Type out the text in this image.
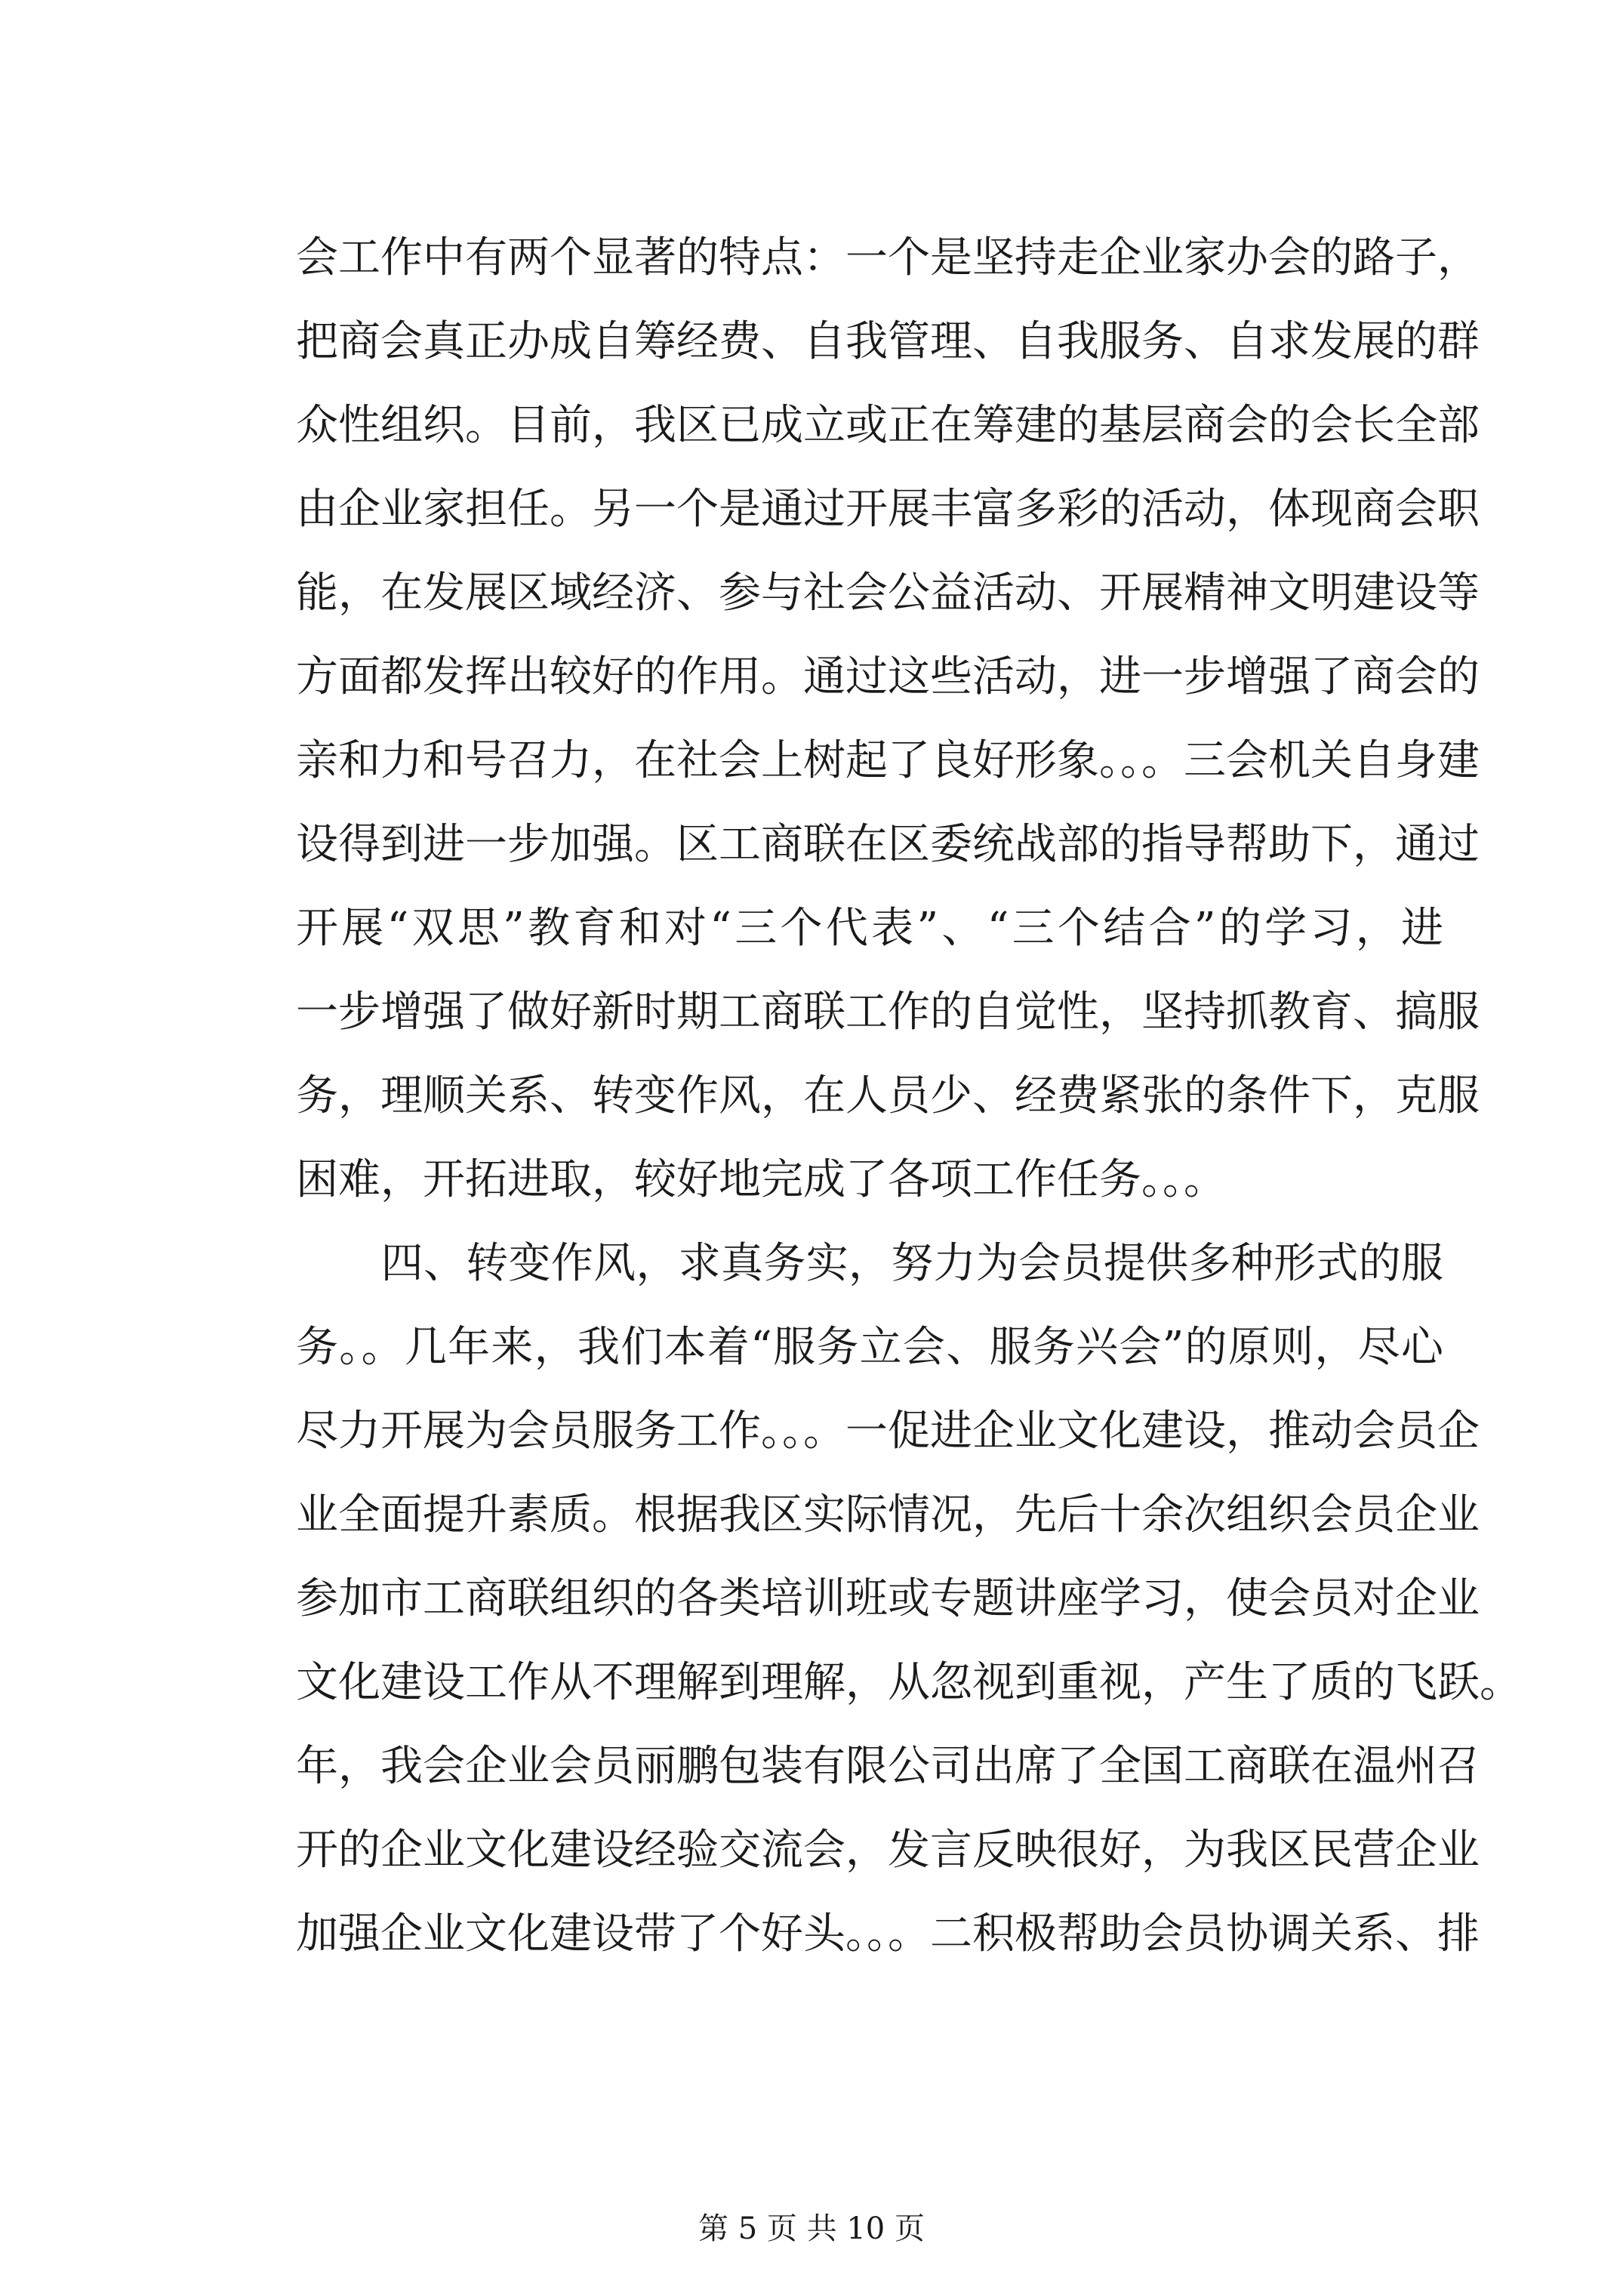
会工作中有两个显著的特点：一个是坚持走企业家办会的路子，
把商会真正办成自筹经费、自我管理、自我服务、自求发展的群
众性组织。目前，我区已成立或正在筹建的基层商会的会长全部
由企业家担任。另一个是通过开展丰富多彩的活动，体现商会职
能，在发展区域经济、参与社会公益活动、开展精神文明建设等
方面都发挥出较好的作用。通过这些活动，进一步增强了商会的
亲和力和号召力，在社会上树起了良好形象。。。三会机关自身建
设得到进一步加强。区工商联在区委统战部的指导帮助下，通过
开展“双思”教育和对“三个代表”、“三个结合”的学习，进
一步增强了做好新时期工商联工作的自觉性，坚持抓教育、搞服
务，理顺关系、转变作风，在人员少、经费紧张的条件下，克服
困难，开拓进取，较好地完成了各项工作任务。。。
　　四、转变作风，求真务实，努力为会员提供多种形式的服
务。。几年来，我们本着“服务立会、服务兴会”的原则，尽心
尽力开展为会员服务工作。。。一促进企业文化建设，推动会员企
业全面提升素质。根据我区实际情况，先后十余次组织会员企业
参加市工商联组织的各类培训班或专题讲座学习，使会员对企业
文化建设工作从不理解到理解，从忽视到重视，产生了质的飞跃。
年，我会企业会员丽鹏包装有限公司出席了全国工商联在温州召
开的企业文化建设经验交流会，发言反映很好，为我区民营企业
加强企业文化建设带了个好头。。。二积极帮助会员协调关系、排
第 5 页 共 10 页
